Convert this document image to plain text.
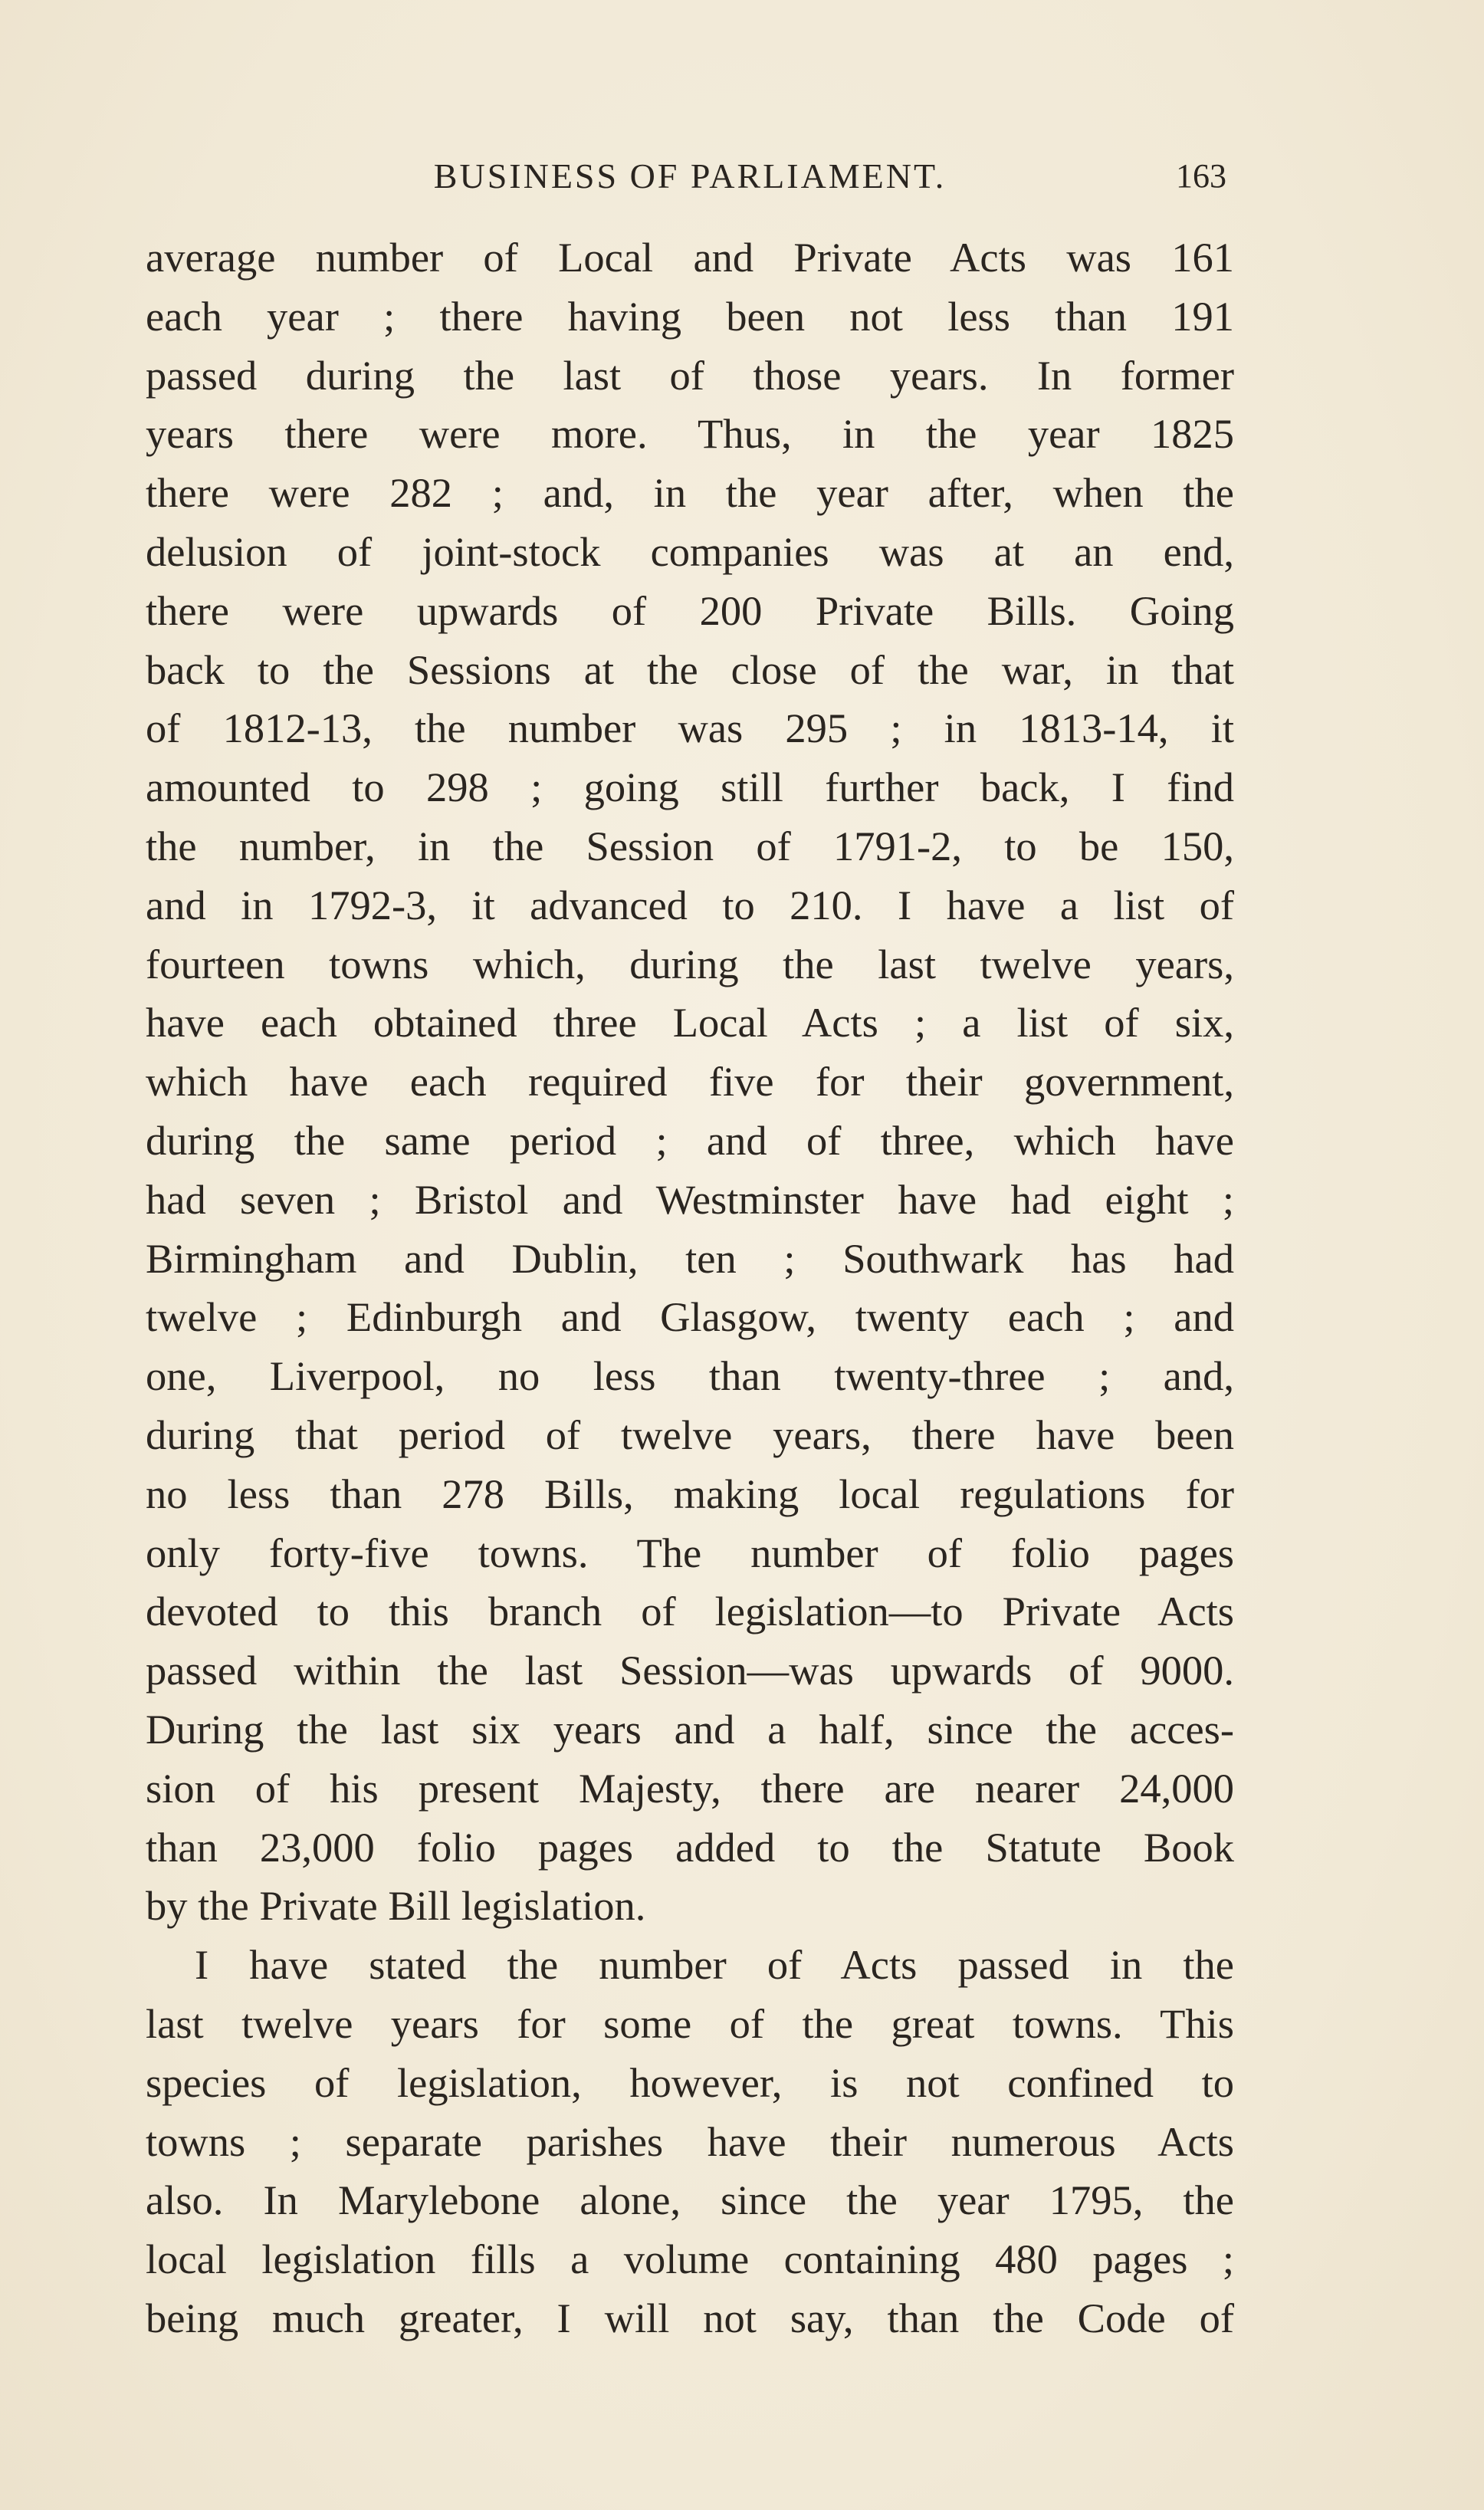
BUSINESS OF PARLIAMENT.	163
average number of Local and Private Acts was 161
each year ; there having been not less than 191
passed during the last of those years. In former
years there were more. Thus, in the year 1825
there were 282 ; and, in the year after, when the
delusion of joint-stock companies was at an end,
there were upwards of 200 Private Bills. Going
back to the Sessions at the close of the war, in that
of 1812-13, the number was 295 ; in 1813-14, it
amounted to 298 ; going still further back, I find
the number, in the Session of 1791-2, to be 150,
and in 1792-3, it advanced to 210. I have a list of
fourteen towns which, during the last twelve years,
have each obtained three Local Acts ; a list of six,
which have each required five for their government,
during the same period ; and of three, which have
had seven ; Bristol and Westminster have had eight ;
Birmingham and Dublin, ten ; Southwark has had
twelve ; Edinburgh and Glasgow, twenty each ; and
one, Liverpool, no less than twenty-three ; and,
during that period of twelve years, there have been
no less than 278 Bills, making local regulations for
only forty-five towns. The number of folio pages
devoted to this branch of legislation—to Private Acts
passed within the last Session—was upwards of 9000.
During the last six years and a half, since the acces-
sion of his present Majesty, there are nearer 24,000
than 23,000 folio pages added to the Statute Book
by the Private Bill legislation.
I have stated the number of Acts passed in the
last twelve years for some of the great towns. This
species of legislation, however, is not confined to
towns ; separate parishes have their numerous Acts
also. In Marylebone alone, since the year 1795, the
local legislation fills a volume containing 480 pages ;
being much greater, I will not say, than the Code of
